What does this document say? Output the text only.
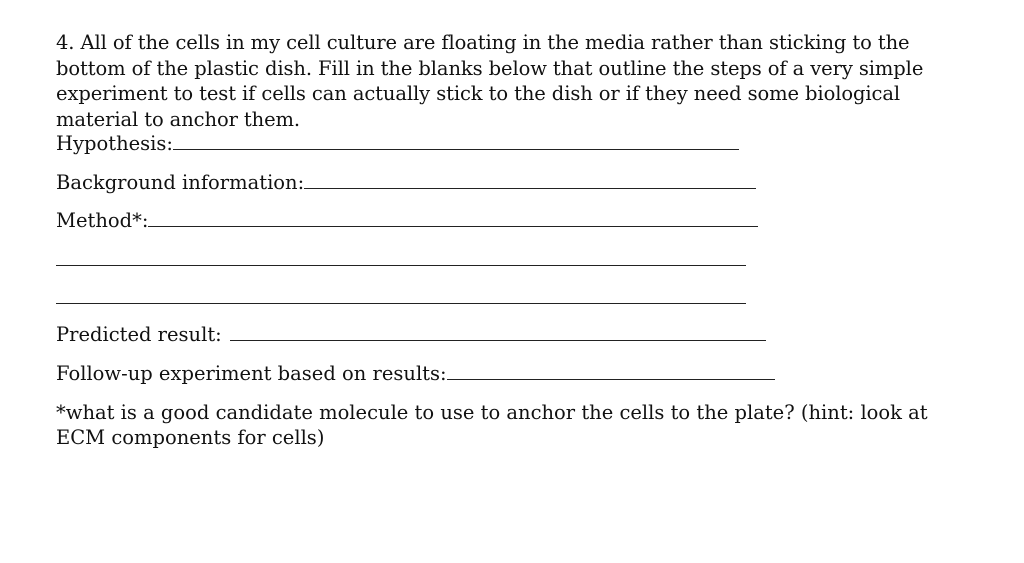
4. All of the cells in my cell culture are floating in the media rather than sticking to the bottom of the plastic dish. Fill in the blanks below that outline the steps of a very simple experiment to test if cells can actually stick to the dish or if they need some biological material to anchor them.

Hypothesis:
Background information:
Method*:
Predicted result:
Follow-up experiment based on results:

*what is a good candidate molecule to use to anchor the cells to the plate? (hint: look at ECM components for cells)
